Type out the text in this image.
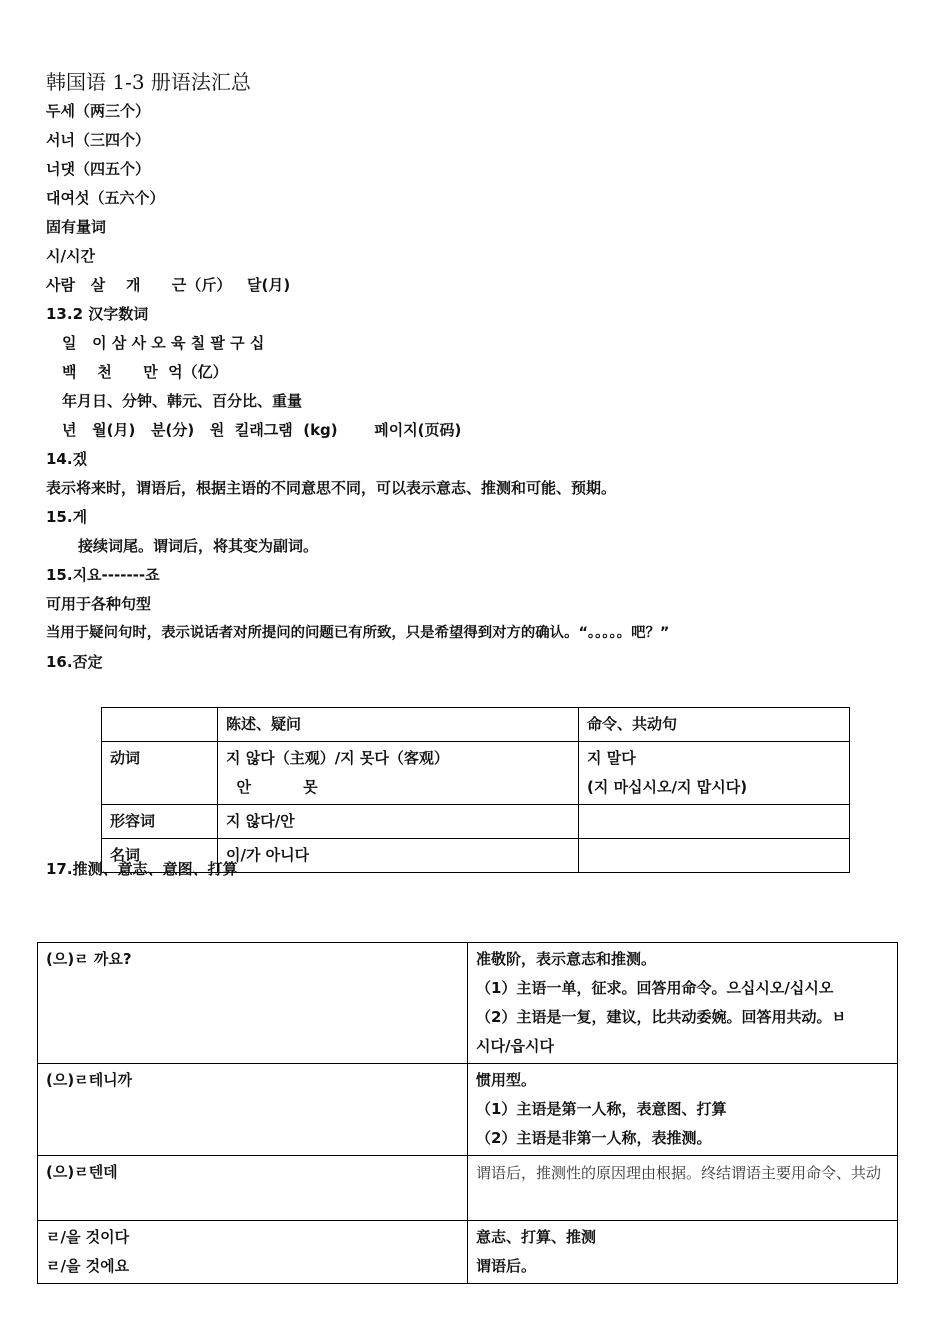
韩国语 1-3 册语法汇总
두세（两三个）
서너（三四个）
너댓（四五个）
대여섯（五六个）
固有量词
시/시간
사람   살    개      근（斤）   달(月)
13.2 汉字数词
일   이 삼 사 오 육 칠 팔 구 십
백    천      만  억（亿）
年月日、分钟、韩元、百分比、重量
년   월(月)   분(分)   원  킬래그램  (kg)       페이지(页码)
14.겠
表示将来时，谓语后，根据主语的不同意思不同，可以表示意志、推测和可能、预期。
15.게
接续词尾。谓词后，将其变为副词。
15.지요-------죠
可用于各种句型
当用于疑问句时，表示说话者对所提问的问题已有所致，只是希望得到对方的确认。“。。。。。吧？”
16.否定
	陈述、疑问	命令、共动句
动词	지 않다（主观）/지 못다（客观）
안          못	지 말다
(지 마십시오/지 맙시다)

形容词	지 않다/안	
名词	이/가 아니다	
17.推测、意志、意图、打算
(으)ㄹ 까요?	准敬阶，表示意志和推测。
（1）主语一单，征求。回答用命令。으십시오/십시오
（2）主语是一复，建议，比共动委婉。回答用共动。ㅂ
시다/읍시다

(으)ㄹ테니까	惯用型。
（1）主语是第一人称，表意图、打算
（2）主语是非第一人称，表推测。

(으)ㄹ텐데	谓语后，推测性的原因理由根据。终结谓语主要用命令、共动

ㄹ/을 것이다
ㄹ/을 것에요	意志、打算、推测
谓语后。
